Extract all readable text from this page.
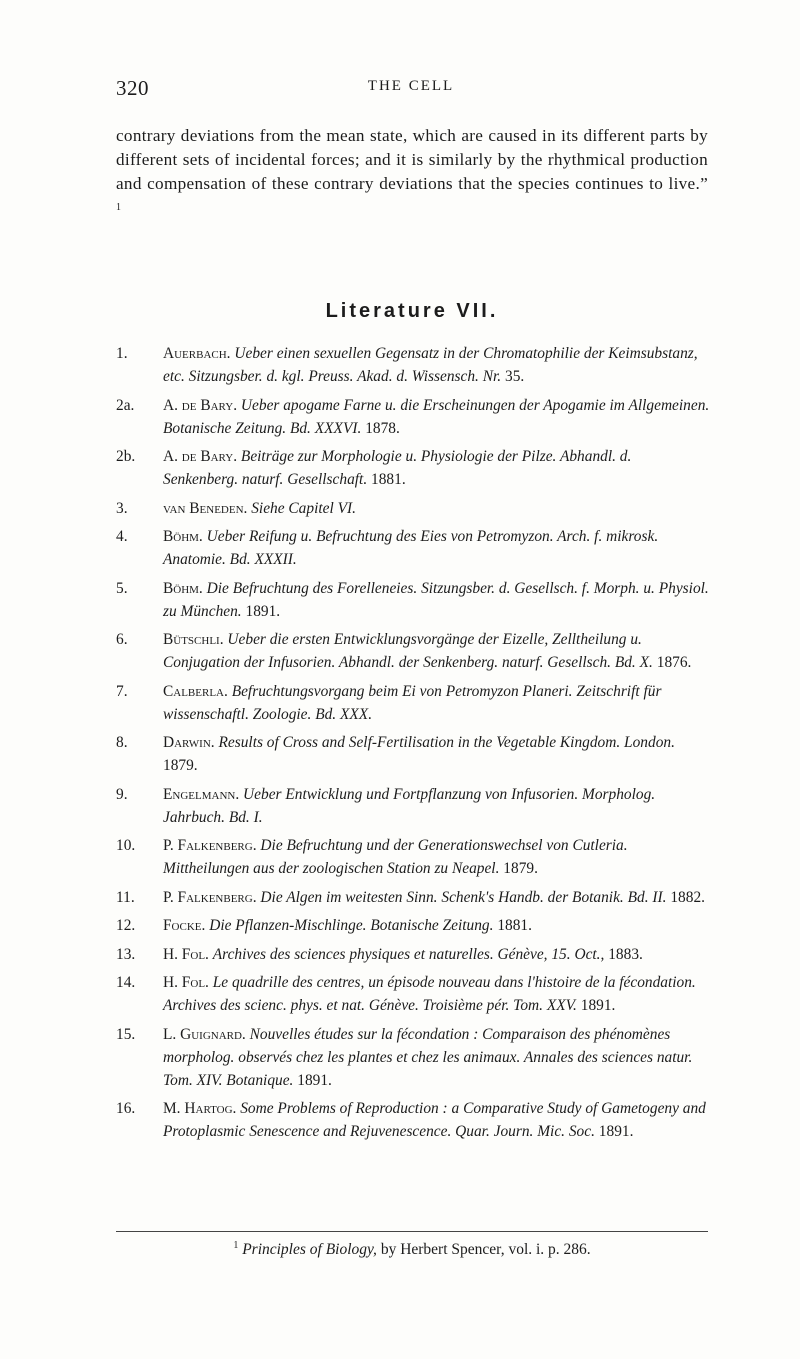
320	THE CELL

contrary deviations from the mean state, which are caused in its different parts by different sets of incidental forces; and it is similarly by the rhythmical production and compensation of these contrary deviations that the species continues to live.” $^1$

Literature VII.
1. Auerbach. Ueber einen sexuellen Gegensatz in der Chromatophilie der Keimsubstanz, etc. Sitzungsber. d. kgl. Preuss. Akad. d. Wissensch. Nr. 35.
2a. A. de Bary. Ueber apogame Farne u. die Erscheinungen der Apogamie im Allgemeinen. Botanische Zeitung. Bd. XXXVI. 1878.
2b. A. de Bary. Beiträge zur Morphologie u. Physiologie der Pilze. Abhandl. d. Senkenberg. naturf. Gesellschaft. 1881.
3. van Beneden. Siehe Capitel VI.
4. Böhm. Ueber Reifung u. Befruchtung des Eies von Petromyzon. Arch. f. mikrosk. Anatomie. Bd. XXXII.
5. Böhm. Die Befruchtung des Forelleneies. Sitzungsber. d. Gesellsch. f. Morph. u. Physiol. zu München. 1891.
6. Bütschli. Ueber die ersten Entwicklungsvorgänge der Eizelle, Zelltheilung u. Conjugation der Infusorien. Abhandl. der Senkenberg. naturf. Gesellsch. Bd. X. 1876.
7. Calberla. Befruchtungsvorgang beim Ei von Petromyzon Planeri. Zeitschrift für wissenschaftl. Zoologie. Bd. XXX.
8. Darwin. Results of Cross and Self-Fertilisation in the Vegetable Kingdom. London. 1879.
9. Engelmann. Ueber Entwicklung und Fortpflanzung von Infusorien. Morpholog. Jahrbuch. Bd. I.
10. P. Falkenberg. Die Befruchtung und der Generationswechsel von Cutleria. Mittheilungen aus der zoologischen Station zu Neapel. 1879.
11. P. Falkenberg. Die Algen im weitesten Sinn. Schenk's Handb. der Botanik. Bd. II. 1882.
12. Focke. Die Pflanzen-Mischlinge. Botanische Zeitung. 1881.
13. H. Fol. Archives des sciences physiques et naturelles. Génève, 15. Oct., 1883.
14. H. Fol. Le quadrille des centres, un épisode nouveau dans l'histoire de la fécondation. Archives des scienc. phys. et nat. Génève. Troisième pér. Tom. XXV. 1891.
15. L. Guignard. Nouvelles études sur la fécondation : Comparaison des phénomènes morpholog. observés chez les plantes et chez les animaux. Annales des sciences natur. Tom. XIV. Botanique. 1891.
16. M. Hartog. Some Problems of Reproduction : a Comparative Study of Gametogeny and Protoplasmic Senescence and Rejuvenescence. Quar. Journ. Mic. Soc. 1891.
$^1$ Principles of Biology, by Herbert Spencer, vol. i. p. 286.
